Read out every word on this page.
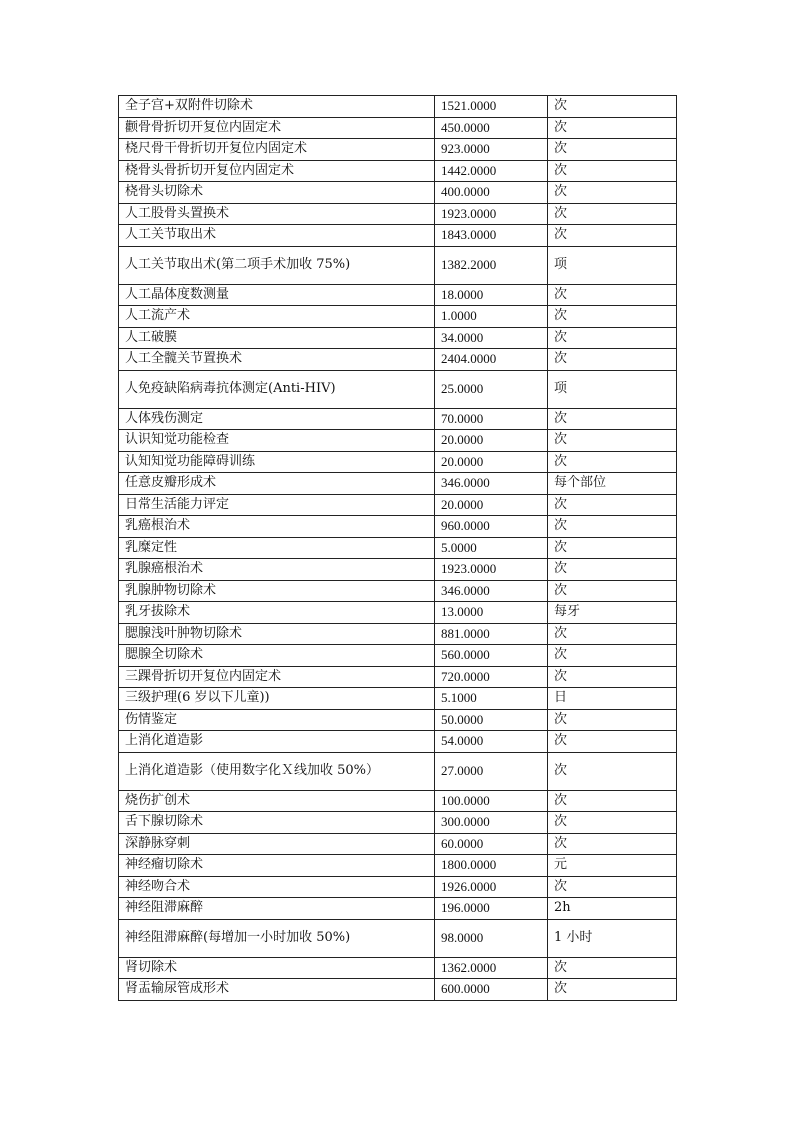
全子宫+双附件切除术	1521.0000	次
颧骨骨折切开复位内固定术	450.0000	次
桡尺骨干骨折切开复位内固定术	923.0000	次
桡骨头骨折切开复位内固定术	1442.0000	次
桡骨头切除术	400.0000	次
人工股骨头置换术	1923.0000	次
人工关节取出术	1843.0000	次
人工关节取出术(第二项手术加收 75%)	1382.2000	项
人工晶体度数测量	18.0000	次
人工流产术	1.0000	次
人工破膜	34.0000	次
人工全髋关节置换术	2404.0000	次
人免疫缺陷病毒抗体测定(Anti-HIV)	25.0000	项
人体残伤测定	70.0000	次
认识知觉功能检查	20.0000	次
认知知觉功能障碍训练	20.0000	次
任意皮瓣形成术	346.0000	每个部位
日常生活能力评定	20.0000	次
乳癌根治术	960.0000	次
乳糜定性	5.0000	次
乳腺癌根治术	1923.0000	次
乳腺肿物切除术	346.0000	次
乳牙拔除术	13.0000	每牙
腮腺浅叶肿物切除术	881.0000	次
腮腺全切除术	560.0000	次
三踝骨折切开复位内固定术	720.0000	次
三级护理(6 岁以下儿童))	5.1000	日
伤情鉴定	50.0000	次
上消化道造影	54.0000	次
上消化道造影（使用数字化Ｘ线加收 50%）	27.0000	次
烧伤扩创术	100.0000	次
舌下腺切除术	300.0000	次
深静脉穿刺	60.0000	次
神经瘤切除术	1800.0000	元
神经吻合术	1926.0000	次
神经阻滞麻醉	196.0000	2h
神经阻滞麻醉(每增加一小时加收 50%)	98.0000	1 小时
肾切除术	1362.0000	次
肾盂输尿管成形术	600.0000	次
